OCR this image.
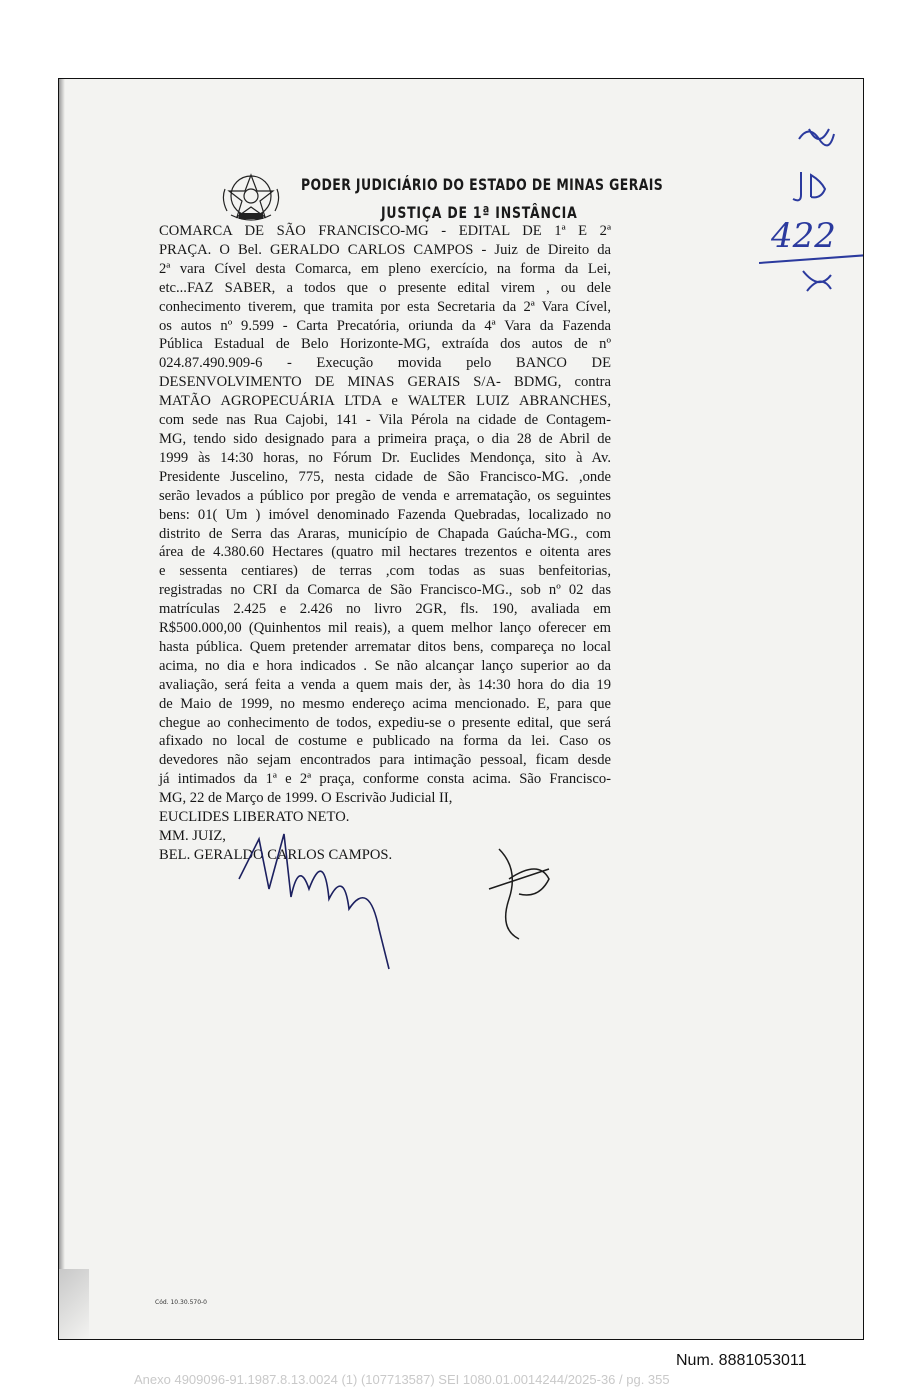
PODER JUDICIÁRIO DO ESTADO DE MINAS GERAIS
JUSTIÇA DE 1ª INSTÂNCIA
COMARCA DE SÃO FRANCISCO-MG - EDITAL DE 1ª E 2ª
PRAÇA. O Bel. GERALDO CARLOS CAMPOS - Juiz de Direito da
2ª vara Cível desta Comarca, em pleno exercício, na forma da Lei,
etc...FAZ SABER, a todos que o presente edital virem , ou dele
conhecimento tiverem, que tramita por esta Secretaria da 2ª Vara Cível,
os autos nº 9.599 - Carta Precatória, oriunda da 4ª Vara da Fazenda
Pública Estadual de Belo Horizonte-MG, extraída dos autos de nº
024.87.490.909-6 - Execução movida pelo BANCO DE
DESENVOLVIMENTO DE MINAS GERAIS S/A- BDMG, contra
MATÃO AGROPECUÁRIA LTDA e WALTER LUIZ ABRANCHES,
com sede nas Rua Cajobi, 141 - Vila Pérola na cidade de Contagem-
MG, tendo sido designado para a primeira praça, o dia 28 de Abril de
1999 às 14:30 horas, no Fórum Dr. Euclides Mendonça, sito à Av.
Presidente Juscelino, 775, nesta cidade de São Francisco-MG. ,onde
serão levados a público por pregão de venda e arrematação, os seguintes
bens: 01( Um ) imóvel denominado Fazenda Quebradas, localizado no
distrito de Serra das Araras, município de Chapada Gaúcha-MG., com
área de 4.380.60 Hectares (quatro mil hectares trezentos e oitenta ares
e sessenta centiares) de terras ,com todas as suas benfeitorias,
registradas no CRI da Comarca de São Francisco-MG., sob nº 02 das
matrículas 2.425 e 2.426 no livro 2GR, fls. 190, avaliada em
R$500.000,00 (Quinhentos mil reais), a quem melhor lanço oferecer em
hasta pública. Quem pretender arrematar ditos bens, compareça no local
acima, no dia e hora indicados . Se não alcançar lanço superior ao da
avaliação, será feita a venda a quem mais der, às 14:30 hora do dia 19
de Maio de 1999, no mesmo endereço acima mencionado. E, para que
chegue ao conhecimento de todos, expediu-se o presente edital, que será
afixado no local de costume e publicado na forma da lei. Caso os
devedores não sejam encontrados para intimação pessoal, ficam desde
já intimados da 1ª e 2ª praça, conforme consta acima. São Francisco-
MG, 22 de Março de 1999. O Escrivão Judicial II,
EUCLIDES LIBERATO NETO.
MM. JUIZ,
BEL. GERALDO CARLOS CAMPOS.
422
Cód. 10.30.570-0
Num. 8881053011
Anexo 4909096-91.1987.8.13.0024 (1) (107713587) SEI 1080.01.0014244/2025-36 / pg. 355
